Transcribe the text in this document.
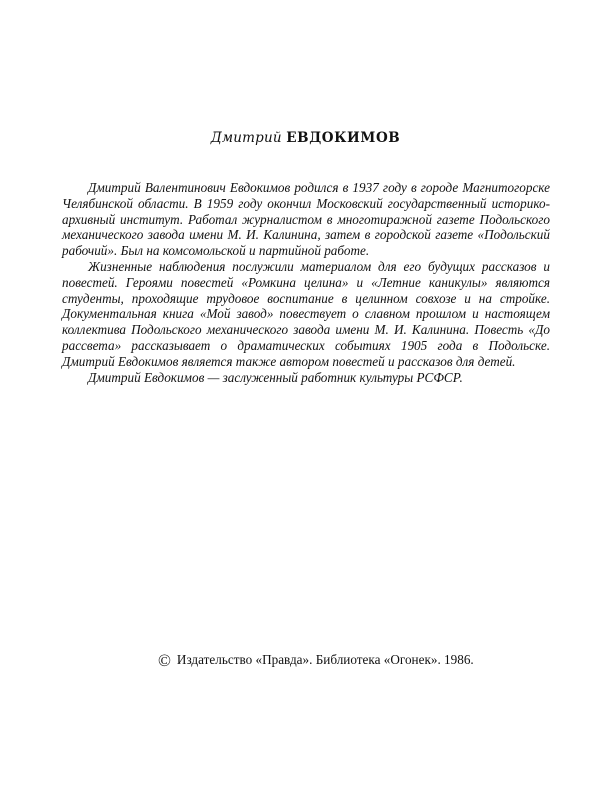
Дмитрий ЕВДОКИМОВ

Дмитрий Валентинович Евдокимов родился в 1937 году в городе Магнитогорске Челябинской области. В 1959 году окончил Московский государственный историко-архивный институт. Работал журналистом в многотиражной газете Подольского механического завода имени М. И. Калинина, затем в городской газете «Подольский рабочий». Был на комсомольской и партийной работе.

Жизненные наблюдения послужили материалом для его будущих рассказов и повестей. Героями повестей «Ромкина целина» и «Летние каникулы» являются студенты, проходящие трудовое воспитание в целинном совхозе и на стройке. Документальная книга «Мой завод» повествует о славном прошлом и настоящем коллектива Подольского механического завода имени М. И. Калинина. Повесть «До рассвета» рассказывает о драматических событиях 1905 года в Подольске. Дмитрий Евдокимов является также автором повестей и рассказов для детей.

Дмитрий Евдокимов — заслуженный работник культуры РСФСР.

© Издательство «Правда». Библиотека «Огонек». 1986.
